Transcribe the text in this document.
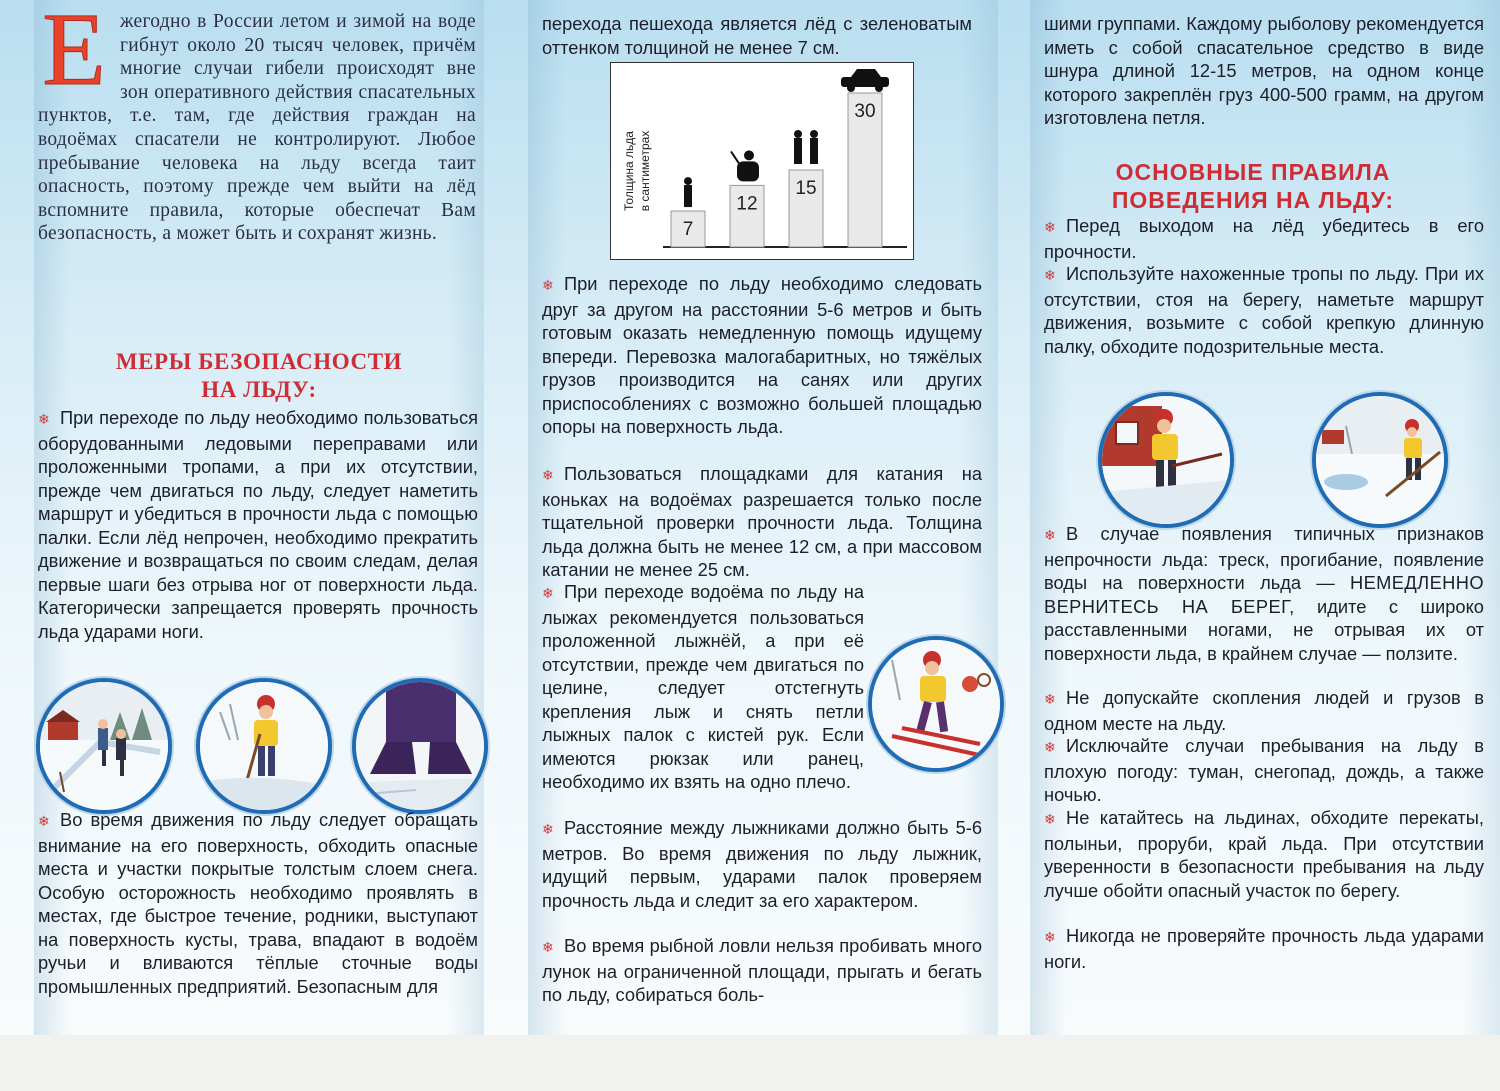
Е жегодно в России летом и зимой на воде гибнут около 20 тысяч человек, причём многие случаи гибели происходят вне зон оперативного действия спасательных пунктов, т.е. там, где действия граждан на водоёмах спасатели не контролируют. Любое пребывание человека на льду всегда таит опасность, поэтому прежде чем выйти на лёд вспомните правила, которые обеспечат Вам безопасность, а может быть и сохранят жизнь.

МЕРЫ БЕЗОПАСНОСТИ

НА ЛЬДУ:

❄ При переходе по льду необходимо пользоваться оборудованными ледовыми переправами или проложенными тропами, а при их отсутствии, прежде чем двигаться по льду, следует наметить маршрут и убедиться в прочности льда с помощью палки. Если лёд непрочен, необходимо прекратить движение и возвращаться по своим следам, делая первые шаги без отрыва ног от поверхности льда. Категорически запрещается проверять прочность льда ударами ноги.

❄ Во время движения по льду следует обращать внимание на его поверхность, обходить опасные места и участки покрытые толстым слоем снега. Особую осторожность необходимо проявлять в местах, где быстрое течение, родники, выступают на поверхность кусты, трава, впадают в водоём ручьи и вливаются тёплые сточные воды промышленных предприятий. Безопасным для

перехода пешехода является лёд с зеленоватым оттенком толщиной не менее 7 см.

Толщина льда в сантиметрах
7
12
15
30

❄ При переходе по льду необходимо следовать друг за другом на расстоянии 5-6 метров и быть готовым оказать немедленную помощь идущему впереди. Перевозка малогабаритных, но тяжёлых грузов производится на санях или других приспособлениях с возможно большей площадью опоры на поверхность льда.

❄ Пользоваться площадками для катания на коньках на водоёмах разрешается только после тщательной проверки прочности льда. Толщина льда должна быть не менее 12 см, а при массовом катании не менее 25 см.

❄ При переходе водоёма по льду на лыжах рекомендуется пользоваться проложенной лыжнёй, а при её отсутствии, прежде чем двигаться по целине, следует отстегнуть крепления лыж и снять петли лыжных палок с кистей рук. Если имеются рюкзак или ранец, необходимо их взять на одно плечо.

❄ Расстояние между лыжниками должно быть 5-6 метров. Во время движения по льду лыжник, идущий первым, ударами палок проверяем прочность льда и следит за его характером.

❄ Во время рыбной ловли нельзя пробивать много лунок на ограниченной площади, прыгать и бегать по льду, собираться боль-

шими группами. Каждому рыболову рекомендуется иметь с собой спасательное средство в виде шнура длиной 12-15 метров, на одном конце которого закреплён груз 400-500 грамм, на другом изготовлена петля.

ОСНОВНЫЕ ПРАВИЛА

ПОВЕДЕНИЯ НА ЛЬДУ:

❄ Перед выходом на лёд убедитесь в его прочности.

❄ Используйте нахоженные тропы по льду. При их отсутствии, стоя на берегу, наметьте маршрут движения, возьмите с собой крепкую длинную палку, обходите подозрительные места.

❄ В случае появления типичных признаков непрочности льда: треск, прогибание, появление воды на поверхности льда — НЕМЕДЛЕННО ВЕРНИТЕСЬ НА БЕРЕГ, идите с широко расставленными ногами, не отрывая их от поверхности льда, в крайнем случае — ползите.

❄ Не допускайте скопления людей и грузов в одном месте на льду.

❄ Исключайте случаи пребывания на льду в плохую погоду: туман, снегопад, дождь, а также ночью.

❄ Не катайтесь на льдинах, обходите перекаты, полыньи, проруби, край льда. При отсутствии уверенности в безопасности пребывания на льду лучше обойти опасный участок по берегу.

❄ Никогда не проверяйте прочность льда ударами ноги.
